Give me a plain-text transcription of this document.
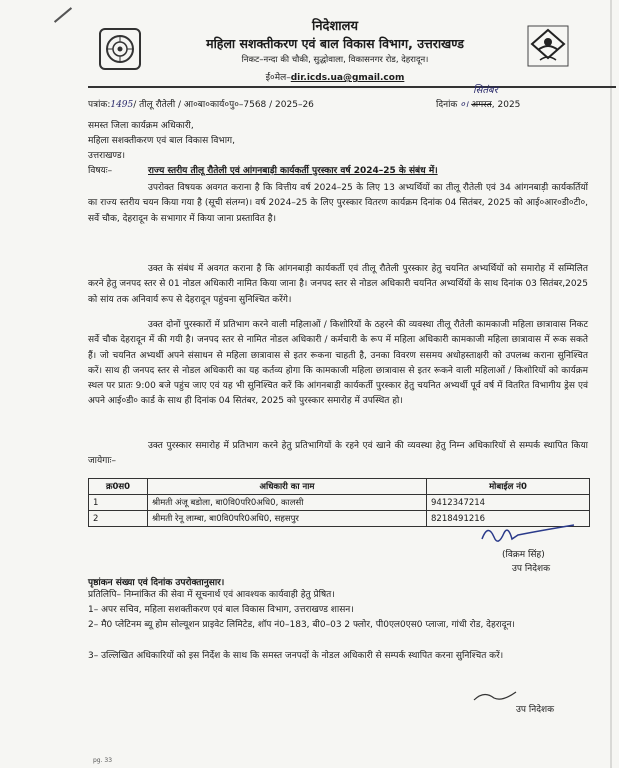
निदेशालय
महिला सशक्तीकरण एवं बाल विकास विभाग, उत्तराखण्ड
निकट–नन्दा की चौकी, सुद्धोवाला, विकासनगर रोड, देहरादून।
ई०मेल–dir.icds.ua@gmail.com
पत्रांक:1495/ तीलू रौतेली / आ०बा०कार्य०पु०–7568 / 2025–26
सितंबर
दिनांक ०। अगस्त, 2025
समस्त जिला कार्यक्रम अधिकारी,
महिला सशक्तीकरण एवं बाल विकास विभाग,
उत्तराखण्ड।
विषयः–	राज्य स्तरीय तीलू रौतेली एवं आंगनबाड़ी कार्यकर्ती पुरस्कार वर्ष 2024–25 के संबंध में।
उपरोक्त विषयक अवगत कराना है कि वित्तीय वर्ष 2024–25 के लिए 13 अभ्यर्थियों का तीलू रौतेली एवं 34 आंगनबाड़ी कार्यकर्तियों का राज्य स्तरीय चयन किया गया है (सूची संलग्न)। वर्ष 2024–25 के लिए पुरस्कार वितरण कार्यक्रम दिनांक 04 सितंबर, 2025 को आई०आर०डी०टी०, सर्वे चौक, देहरादून के सभागार में किया जाना प्रस्तावित है।
उक्त के संबंध में अवगत कराना है कि आंगनबाड़ी कार्यकर्ती एवं तीलू रौतेली पुरस्कार हेतु चयनित अभ्यर्थियों को समारोह में सम्मिलित करने हेतु जनपद स्तर से 01 नोडल अधिकारी नामित किया जाना है। जनपद स्तर से नोडल अधिकारी चयनित अभ्यर्थियों के साथ दिनांक 03 सितंबर,2025 को सांय तक अनिवार्य रूप से देहरादून पहुंचना सुनिश्चित करेंगे।
उक्त दोनों पुरस्कारों में प्रतिभाग करने वाली महिलाओं / किशोरियों के ठहरने की व्यवस्था तीलू रौतेली कामकाजी महिला छात्रावास निकट सर्वे चौक देहरादून में की गयी है। जनपद स्तर से नामित नोडल अधिकारी / कर्मचारी के रूप में महिला अधिकारी कामकाजी महिला छात्रावास में रूक सकते हैं। जो चयनित अभ्यर्थी अपने संसाधन से महिला छात्रावास से इतर रूकना चाहती है, उनका विवरण ससमय अधोहस्ताक्षरी को उपलब्ध कराना सुनिश्चित करें। साथ ही जनपद स्तर से नोडल अधिकारी का यह कर्तव्य होगा कि कामकाजी महिला छात्रावास से इतर रूकने वाली महिलाओं / किशोरियों को कार्यक्रम स्थल पर प्रातः 9:00 बजे पहुंच जाए एवं यह भी सुनिश्चित करें कि आंगनबाड़ी कार्यकर्ती पुरस्कार हेतु चयनित अभ्यर्थी पूर्व वर्ष में वितरित विभागीय ड्रेस एवं अपने आई०डी० कार्ड के साथ ही दिनांक 04 सितंबर, 2025 को पुरस्कार समारोह में उपस्थित हो।
उक्त पुरस्कार समारोह में प्रतिभाग करने हेतु प्रतिभागियों के रहने एवं खाने की व्यवस्था हेतु निम्न अधिकारियों से सम्पर्क स्थापित किया जायेगाः–
क्र0स0	अधिकारी का नाम	मोबाईल नं0
1	श्रीमती अंजू बडोला, बा0वि0परि0अधि0, कालसी	9412347214
2	श्रीमती रेनू लाम्बा, बा0वि0परि0अधि0, सहसपुर	8218491216
(विक्रम सिंह)
उप निदेशक
पृष्ठांकन संख्या एवं दिनांक उपरोक्तानुसार।
प्रतिलिपि– निम्नांकित की सेवा में सूचनार्थ एवं आवश्यक कार्यवाही हेतु प्रेषित।
1– अपर सचिव, महिला सशक्तीकरण एवं बाल विकास विभाग, उत्तराखण्ड शासन।
2– मै0 प्लेटिनम ब्यू होम सोल्यूशन प्राइवेट लिमिटेड, शॉप नं0–183, बी0–03 2 फ्लोर, पी0एल0एस0 प्लाजा, गांधी रोड, देहरादून।
3– उल्लिखित अधिकारियों को इस निर्देश के साथ कि समस्त जनपदों के नोडल अधिकारी से सम्पर्क स्थापित करना सुनिश्चित करें।
उप निदेशक
pg. 33
